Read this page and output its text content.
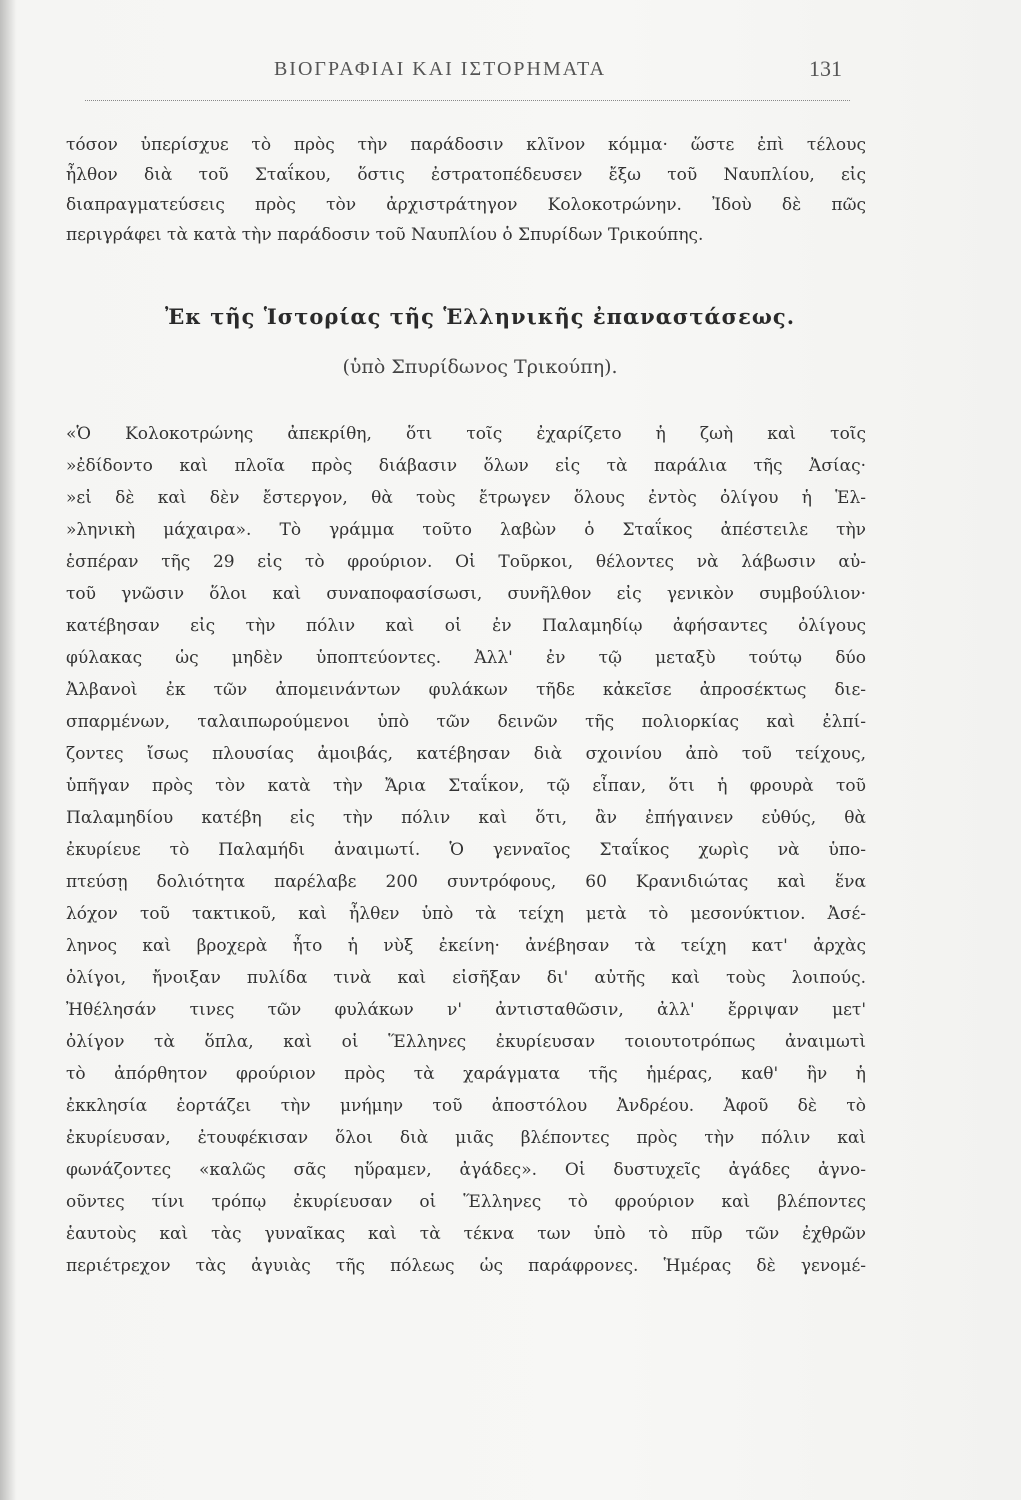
ΒΙΟΓΡΑΦΙΑΙ ΚΑΙ ΙΣΤΟΡΗΜΑΤΑ	131
τόσον ὑπερίσχυε τὸ πρὸς τὴν παράδοσιν κλῖνον κόμμα· ὥστε ἐπὶ τέλους
ἦλθον διὰ τοῦ Σταΐκου, ὅστις ἐστρατοπέδευσεν ἔξω τοῦ Ναυπλίου, εἰς
διαπραγματεύσεις πρὸς τὸν ἀρχιστράτηγον Κολοκοτρώνην. Ἰδοὺ δὲ πῶς
περιγράφει τὰ κατὰ τὴν παράδοσιν τοῦ Ναυπλίου ὁ Σπυρίδων Τρικούπης.
Ἐκ τῆς Ἱστορίας τῆς Ἑλληνικῆς ἐπαναστάσεως.
(ὑπὸ Σπυρίδωνος Τρικούπη).
«Ὁ Κολοκοτρώνης ἀπεκρίθη, ὅτι τοῖς ἐχαρίζετο ἡ ζωὴ καὶ τοῖς
»ἐδίδοντο καὶ πλοῖα πρὸς διάβασιν ὅλων εἰς τὰ παράλια τῆς Ἀσίας·
»εἰ δὲ καὶ δὲν ἔστεργον, θὰ τοὺς ἔτρωγεν ὅλους ἐντὸς ὀλίγου ἡ Ἑλ-
»ληνικὴ μάχαιρα». Τὸ γράμμα τοῦτο λαβὼν ὁ Σταΐκος ἀπέστειλε τὴν
ἑσπέραν τῆς 29 εἰς τὸ φρούριον. Οἱ Τοῦρκοι, θέλοντες νὰ λάβωσιν αὐ-
τοῦ γνῶσιν ὅλοι καὶ συναποφασίσωσι, συνῆλθον εἰς γενικὸν συμβούλιον·
κατέβησαν εἰς τὴν πόλιν καὶ οἱ ἐν Παλαμηδίῳ ἀφήσαντες ὀλίγους
φύλακας ὡς μηδὲν ὑποπτεύοντες. Ἀλλ' ἐν τῷ μεταξὺ τούτῳ δύο
Ἀλβανοὶ ἐκ τῶν ἀπομεινάντων φυλάκων τῆδε κἀκεῖσε ἀπροσέκτως διε-
σπαρμένων, ταλαιπωρούμενοι ὑπὸ τῶν δεινῶν τῆς πολιορκίας καὶ ἐλπί-
ζοντες ἴσως πλουσίας ἀμοιβάς, κατέβησαν διὰ σχοινίου ἀπὸ τοῦ τείχους,
ὑπῆγαν πρὸς τὸν κατὰ τὴν Ἄρια Σταΐκον, τῷ εἶπαν, ὅτι ἡ φρουρὰ τοῦ
Παλαμηδίου κατέβη εἰς τὴν πόλιν καὶ ὅτι, ἂν ἐπήγαινεν εὐθύς, θὰ
ἐκυρίευε τὸ Παλαμήδι ἀναιμωτί. Ὁ γενναῖος Σταΐκος χωρὶς νὰ ὑπο-
πτεύσῃ δολιότητα παρέλαβε 200 συντρόφους, 60 Κρανιδιώτας καὶ ἕνα
λόχον τοῦ τακτικοῦ, καὶ ἦλθεν ὑπὸ τὰ τείχη μετὰ τὸ μεσονύκτιον. Ἀσέ-
ληνος καὶ βροχερὰ ἦτο ἡ νὺξ ἐκείνη· ἀνέβησαν τὰ τείχη κατ' ἀρχὰς
ὀλίγοι, ἤνοιξαν πυλίδα τινὰ καὶ εἰσῆξαν δι' αὐτῆς καὶ τοὺς λοιπούς.
Ἠθέλησάν τινες τῶν φυλάκων ν' ἀντισταθῶσιν, ἀλλ' ἔρριψαν μετ'
ὀλίγον τὰ ὅπλα, καὶ οἱ Ἕλληνες ἐκυρίευσαν τοιουτοτρόπως ἀναιμωτὶ
τὸ ἀπόρθητον φρούριον πρὸς τὰ χαράγματα τῆς ἡμέρας, καθ' ἣν ἡ
ἐκκλησία ἑορτάζει τὴν μνήμην τοῦ ἀποστόλου Ἀνδρέου. Ἀφοῦ δὲ τὸ
ἐκυρίευσαν, ἐτουφέκισαν ὅλοι διὰ μιᾶς βλέποντες πρὸς τὴν πόλιν καὶ
φωνάζοντες «καλῶς σᾶς ηὕραμεν, ἀγάδες». Οἱ δυστυχεῖς ἀγάδες ἀγνο-
οῦντες τίνι τρόπῳ ἐκυρίευσαν οἱ Ἕλληνες τὸ φρούριον καὶ βλέποντες
ἑαυτοὺς καὶ τὰς γυναῖκας καὶ τὰ τέκνα των ὑπὸ τὸ πῦρ τῶν ἐχθρῶν
περιέτρεχον τὰς ἀγυιὰς τῆς πόλεως ὡς παράφρονες. Ἡμέρας δὲ γενομέ-
